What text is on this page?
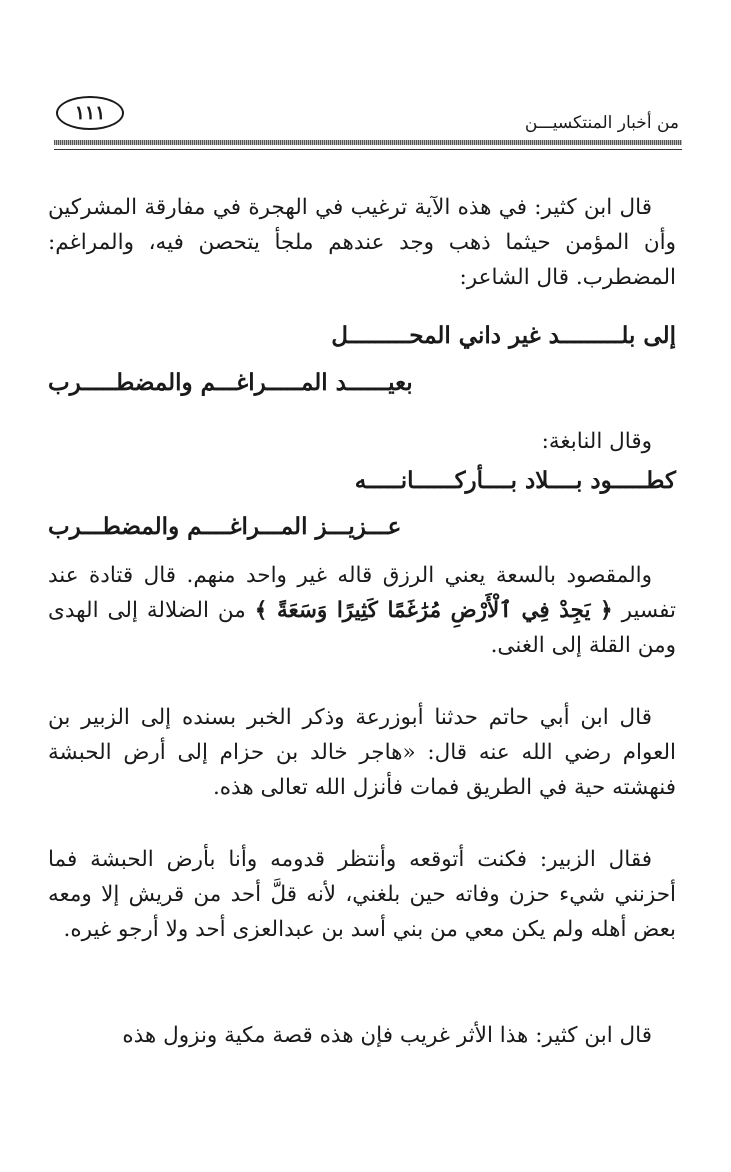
من أخبار المنتكسيـــن
١١١

قال ابن كثير: في هذه الآية ترغيب في الهجرة في مفارقة المشركين وأن المؤمن حيثما ذهب وجد عندهم ملجأ يتحصن فيه، والمراغم: المضطرب. قال الشاعر:

إلى بلـــــــــد غير داني المحـــــــــل
بعيــــــد المـــــراغـــم والمضطـــــرب

وقال النابغة:

كطـــــود بــــلاد بــــأركــــــانـــــه
عـــزيـــز المـــراغــــم والمضطـــرب

والمقصود بالسعة يعني الرزق قاله غير واحد منهم. قال قتادة عند تفسير ﴿ يَجِدْ فِي ٱلْأَرْضِ مُرَٰغَمًا كَثِيرًا وَسَعَةً ﴾ من الضلالة إلى الهدى ومن القلة إلى الغنى.

قال ابن أبي حاتم حدثنا أبوزرعة وذكر الخبر بسنده إلى الزبير بن العوام رضي الله عنه قال: «هاجر خالد بن حزام إلى أرض الحبشة فنهشته حية في الطريق فمات فأنزل الله تعالى هذه.

فقال الزبير: فكنت أتوقعه وأنتظر قدومه وأنا بأرض الحبشة فما أحزنني شيء حزن وفاته حين بلغني، لأنه قلَّ أحد من قريش إلا ومعه بعض أهله ولم يكن معي من بني أسد بن عبدالعزى أحد ولا أرجو غيره.

قال ابن كثير: هذا الأثر غريب فإن هذه قصة مكية ونزول هذه
